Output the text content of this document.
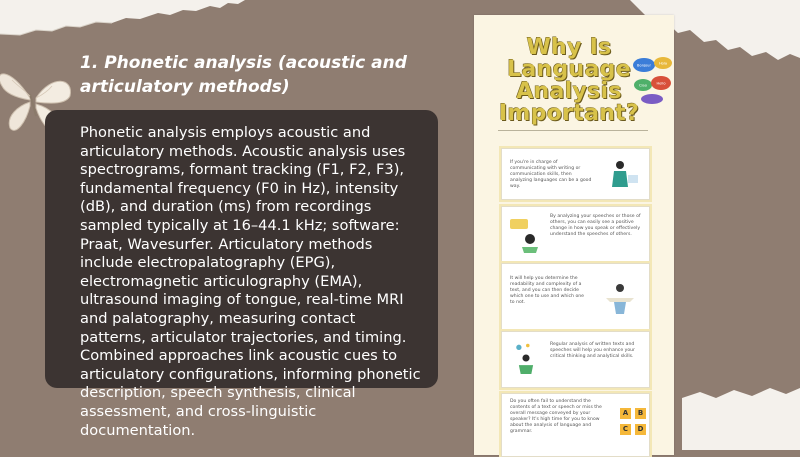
1. Phonetic analysis (acoustic and articulatory methods)
Phonetic analysis employs acoustic and articulatory methods. Acoustic analysis uses spectrograms, formant tracking (F1, F2, F3), fundamental frequency (F0 in Hz), intensity (dB), and duration (ms) from recordings sampled typically at 16–44.1 kHz; software: Praat, Wavesurfer. Articulatory methods include electropalatography (EPG), electromagnetic articulography (EMA), ultrasound imaging of tongue, real-time MRI and palatography, measuring contact patterns, articulator trajectories, and timing. Combined approaches link acoustic cues to articulatory configurations, informing phonetic description, speech synthesis, clinical assessment, and cross-linguistic documentation.
Why Is
Language
Analysis
Important?
Bonjour Hola
Ciao	Hello
If you're in charge of communicating with writing or communication skills, then analyzing languages can be a good way.
By analyzing your speeches or those of others, you can easily see a positive change in how you speak or effectively understand the speeches of others.
It will help you determine the readability and complexity of a text, and you can then decide which one to use and which one to not.
Regular analysis of written texts and speeches will help you enhance your critical thinking and analytical skills.
Do you often fail to understand the contents of a text or speech or miss the overall message conveyed by your speaker? It's high time for you to know about the analysis of language and grammar.
A	B
C	D
